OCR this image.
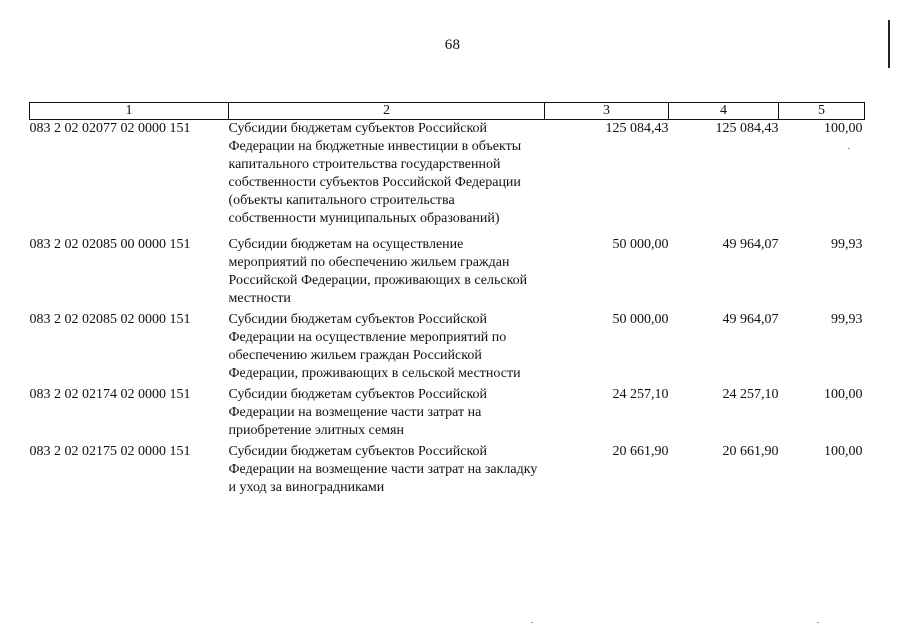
68
1	2	3	4	5
083 2 02 02077 02 0000 151	Субсидии бюджетам субъектов Российской Федерации на бюджетные инвестиции в объекты капитального строительства государственной собственности субъектов Российской Федерации (объекты капитального строительства собственности муниципальных образований)	125 084,43	125 084,43	100,00
083 2 02 02085 00 0000 151	Субсидии бюджетам на осуществление мероприятий по обеспечению жильем граждан Российской Федерации, проживающих в сельской местности	50 000,00	49 964,07	99,93
083 2 02 02085 02 0000 151	Субсидии бюджетам субъектов Российской Федерации на осуществление мероприятий по обеспечению жильем граждан Российской Федерации, проживающих в сельской местности	50 000,00	49 964,07	99,93
083 2 02 02174 02 0000 151	Субсидии бюджетам субъектов Российской Федерации на возмещение части затрат на приобретение элитных семян	24 257,10	24 257,10	100,00
083 2 02 02175 02 0000 151	Субсидии бюджетам субъектов Российской Федерации на возмещение части затрат на закладку и уход за виноградниками	20 661,90	20 661,90	100,00
